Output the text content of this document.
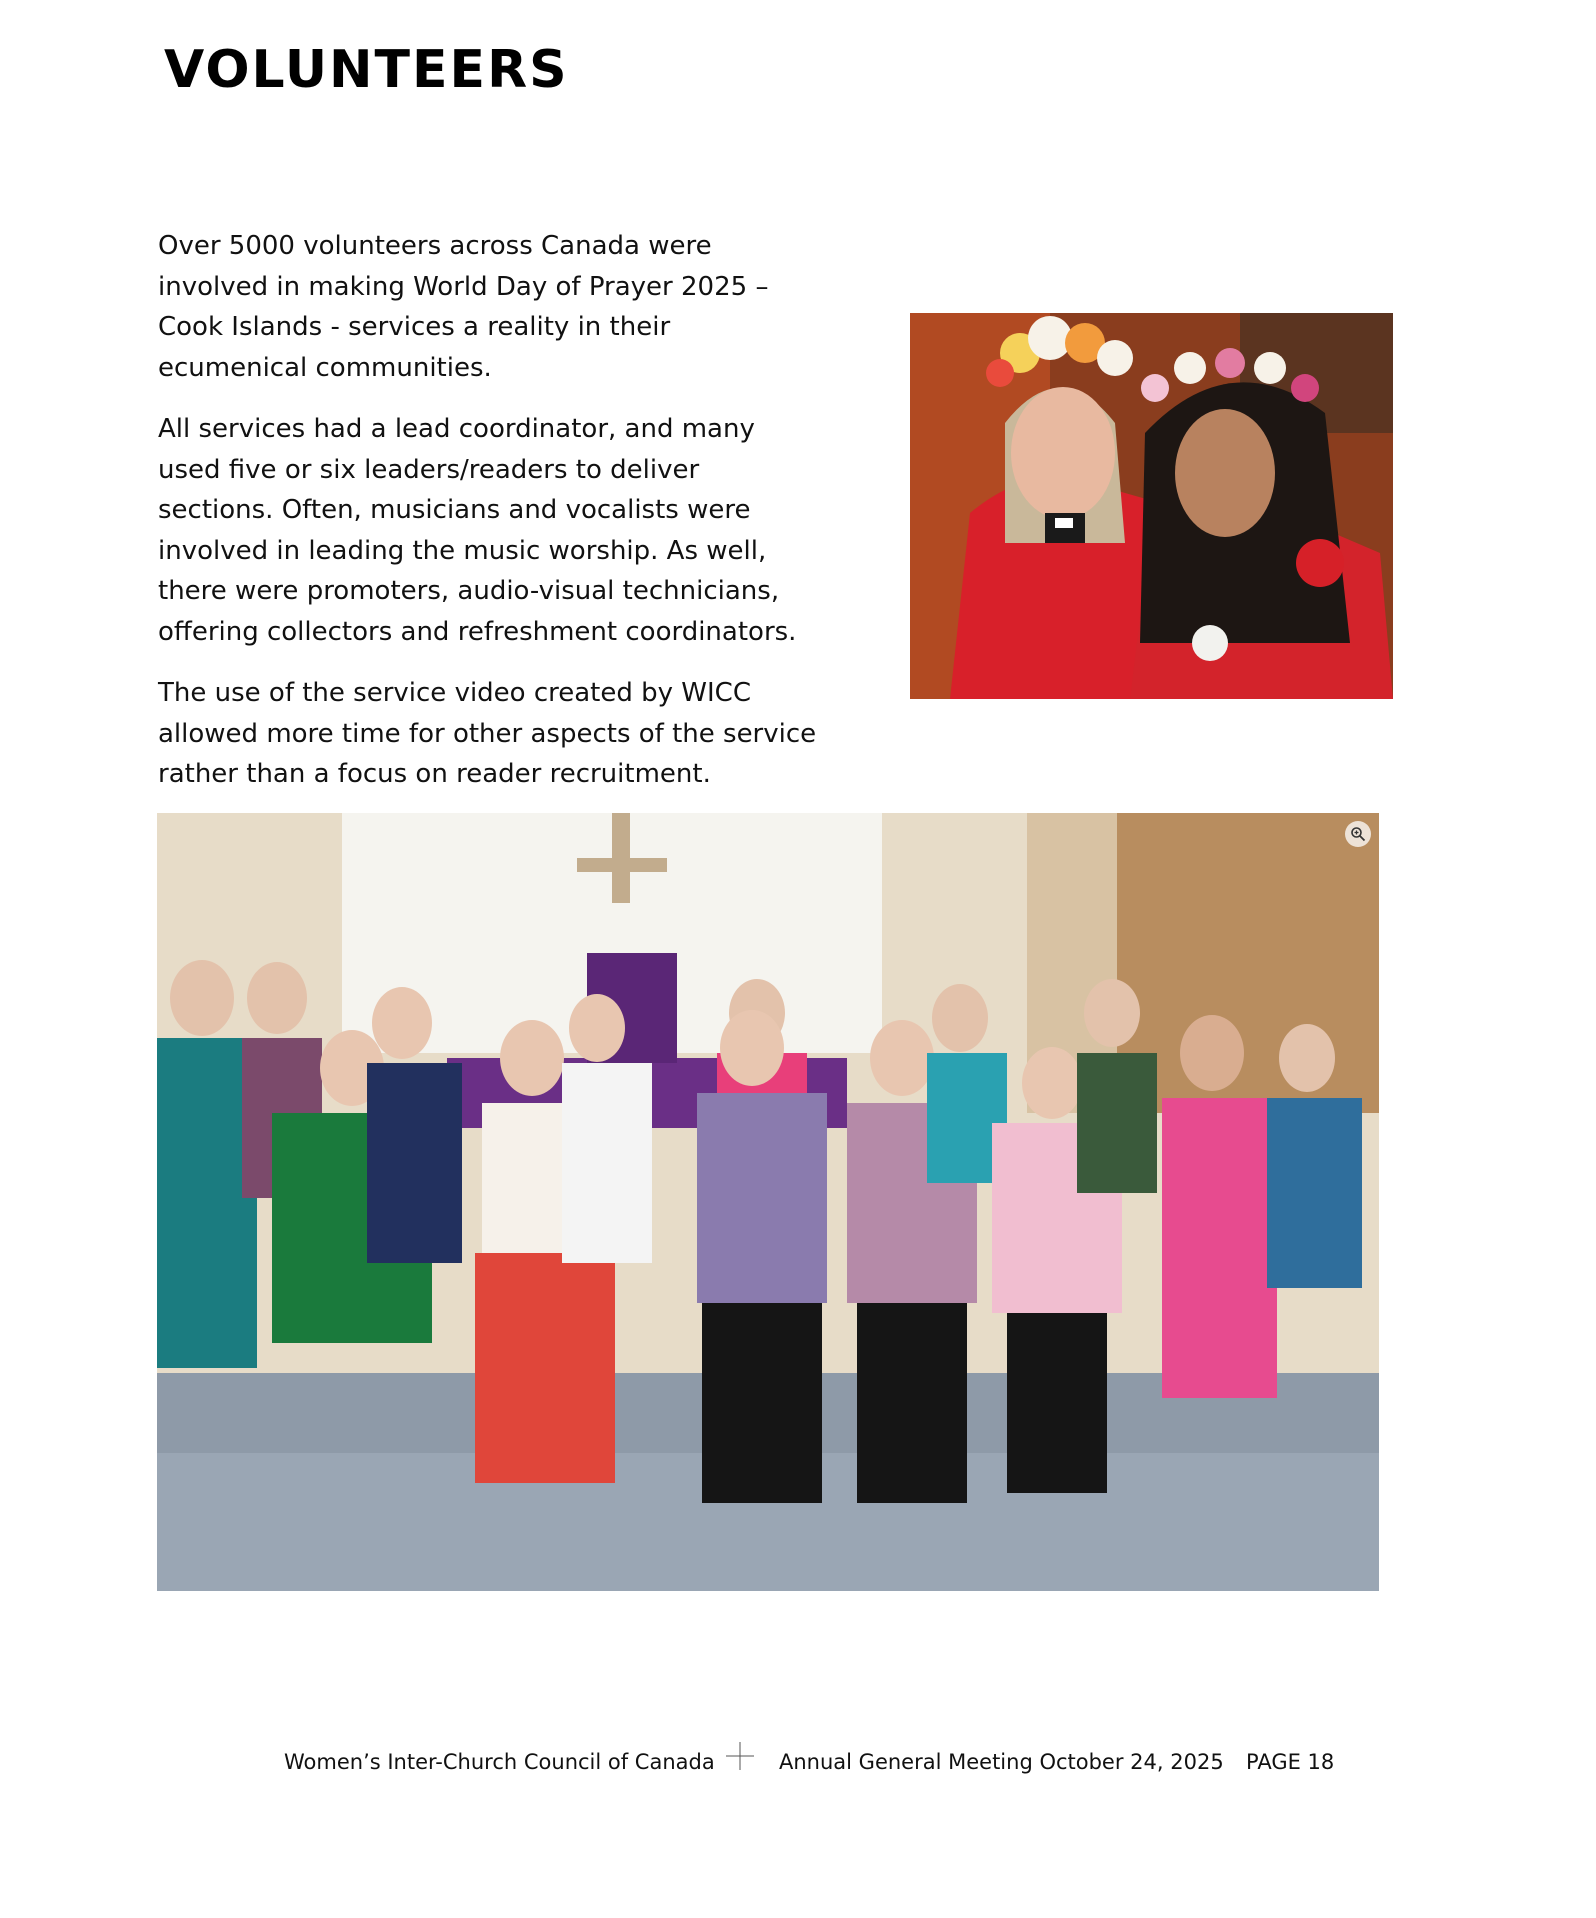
VOLUNTEERS

Over 5000 volunteers across Canada were involved in making World Day of Prayer 2025 – Cook Islands - services a reality in their ecumenical communities.

All services had a lead coordinator, and many used five or six leaders/readers to deliver sections. Often, musicians and vocalists were involved in leading the music worship. As well, there were promoters, audio-visual technicians, offering collectors and refreshment coordinators.

The use of the service video created by WICC allowed more time for other aspects of the service rather than a focus on reader recruitment.

Women’s Inter-Church Council of Canada	Annual General Meeting October 24, 2025 PAGE 18
